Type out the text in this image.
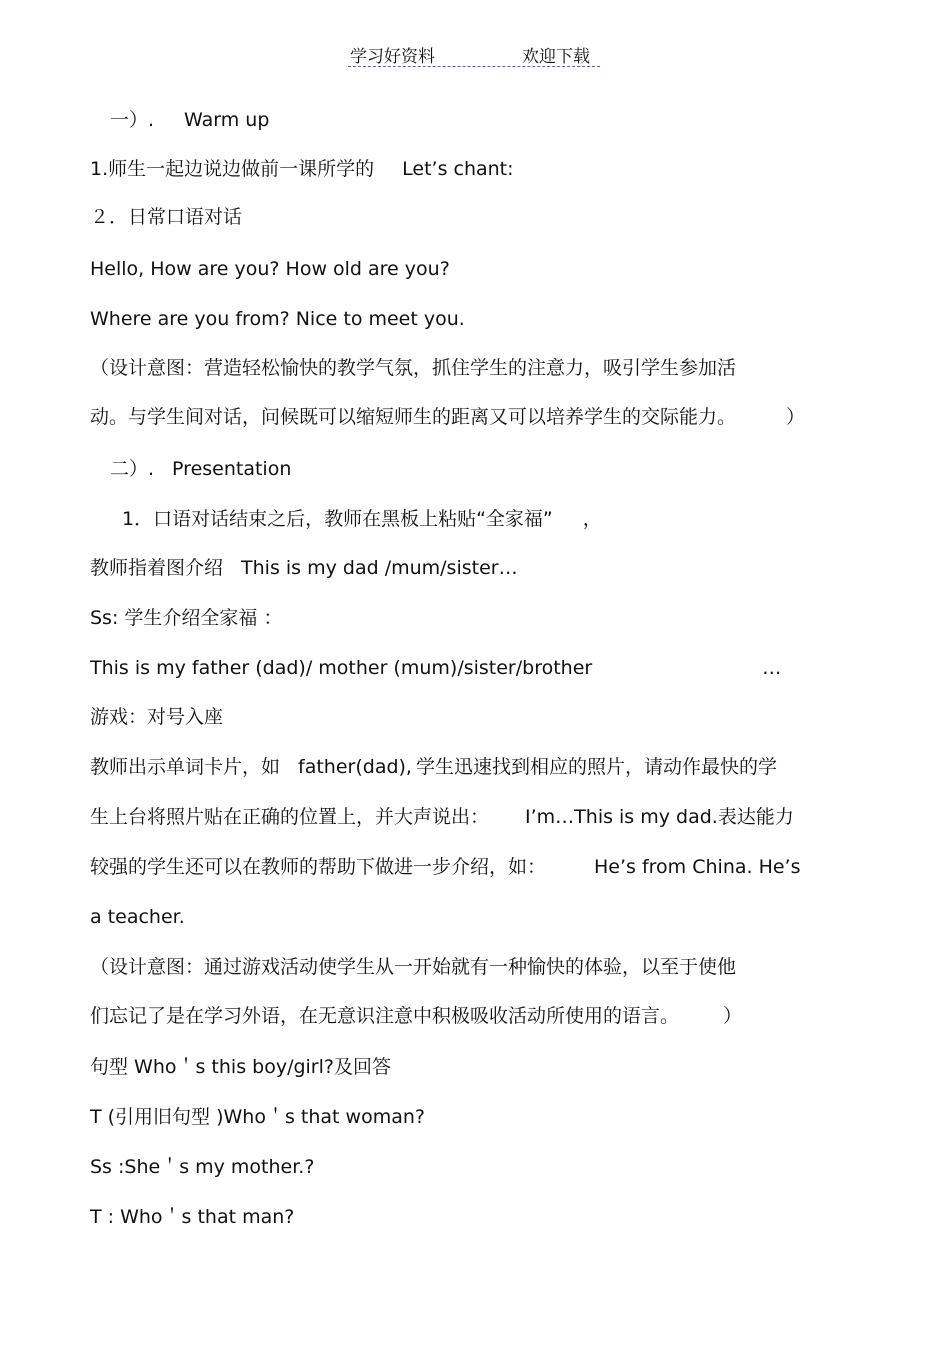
学习好资料	欢迎下载
一）. Warm up
1.师生一起边说边做前一课所学的 Let’s chant:
２．日常口语对话
Hello, How are you? How old are you?
Where are you from? Nice to meet you.
（设计意图：营造轻松愉快的教学气氛，抓住学生的注意力，吸引学生参加活
动。与学生间对话，问候既可以缩短师生的距离又可以培养学生的交际能力。	）
二）. Presentation
1．口语对话结束之后，教师在黑板上粘贴“全家福” ，
教师指着图介绍 This is my dad /mum/sister…
Ss: 学生介绍全家福 ：
This is my father (dad)/ mother (mum)/sister/brother	…
游戏：对号入座
教师出示单词卡片，如 father(dad), 学生迅速找到相应的照片，请动作最快的学
生上台将照片贴在正确的位置上，并大声说出： I’m…This is my dad.表达能力
较强的学生还可以在教师的帮助下做进一步介绍，如：	He’s from China. He’s
a teacher.
（设计意图：通过游戏活动使学生从一开始就有一种愉快的体验，以至于使他
们忘记了是在学习外语，在无意识注意中积极吸收活动所使用的语言。 ）
句型 Who＇s this boy/girl?及回答
T (引用旧句型 )Who＇s that woman?
Ss :She＇s my mother.?
T : Who＇s that man?
